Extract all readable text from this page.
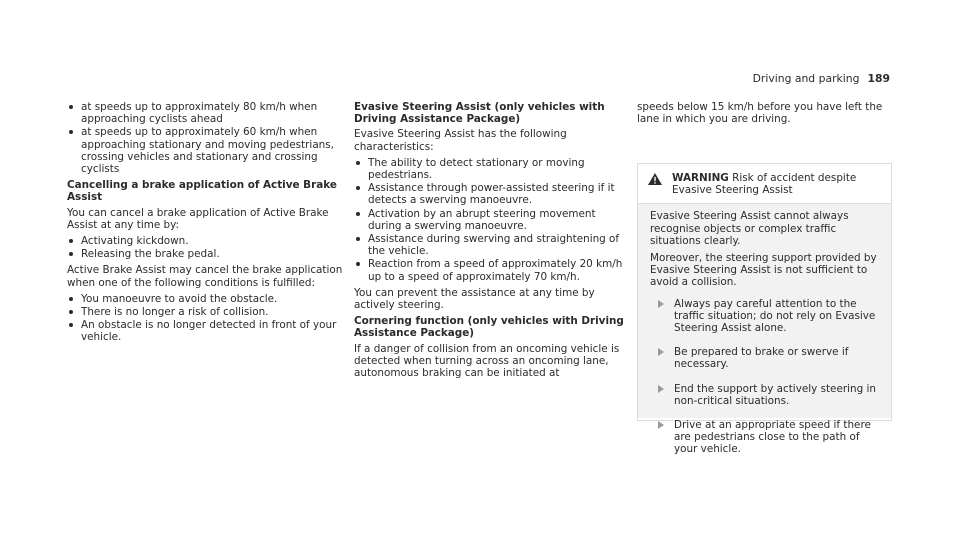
Driving and parking 189
at speeds up to approximately 80 km/h when approaching cyclists ahead
at speeds up to approximately 60 km/h when approaching stationary and moving pedestrians, crossing vehicles and stationary and crossing cyclists
Cancelling a brake application of Active Brake Assist

You can cancel a brake application of Active Brake Assist at any time by:

Activating kickdown.
Releasing the brake pedal.

Active Brake Assist may cancel the brake application when one of the following conditions is fulfilled:

You manoeuvre to avoid the obstacle.
There is no longer a risk of collision.
An obstacle is no longer detected in front of your vehicle.
Evasive Steering Assist (only vehicles with Driving Assistance Package)

Evasive Steering Assist has the following characteristics:

The ability to detect stationary or moving pedestrians.
Assistance through power-assisted steering if it detects a swerving manoeuvre.
Activation by an abrupt steering movement during a swerving manoeuvre.
Assistance during swerving and straightening of the vehicle.
Reaction from a speed of approximately 20 km/h up to a speed of approximately 70 km/h.

You can prevent the assistance at any time by actively steering.

Cornering function (only vehicles with Driving Assistance Package)

If a danger of collision from an oncoming vehicle is detected when turning across an oncoming lane, autonomous braking can be initiated at

speeds below 15 km/h before you have left the lane in which you are driving.

WARNING Risk of accident despite Evasive Steering Assist

Evasive Steering Assist cannot always recognise objects or complex traffic situations clearly.

Moreover, the steering support provided by Evasive Steering Assist is not sufficient to avoid a collision.

Always pay careful attention to the traffic situation; do not rely on Evasive Steering Assist alone.
Be prepared to brake or swerve if necessary.
End the support by actively steering in non-critical situations.
Drive at an appropriate speed if there are pedestrians close to the path of your vehicle.
